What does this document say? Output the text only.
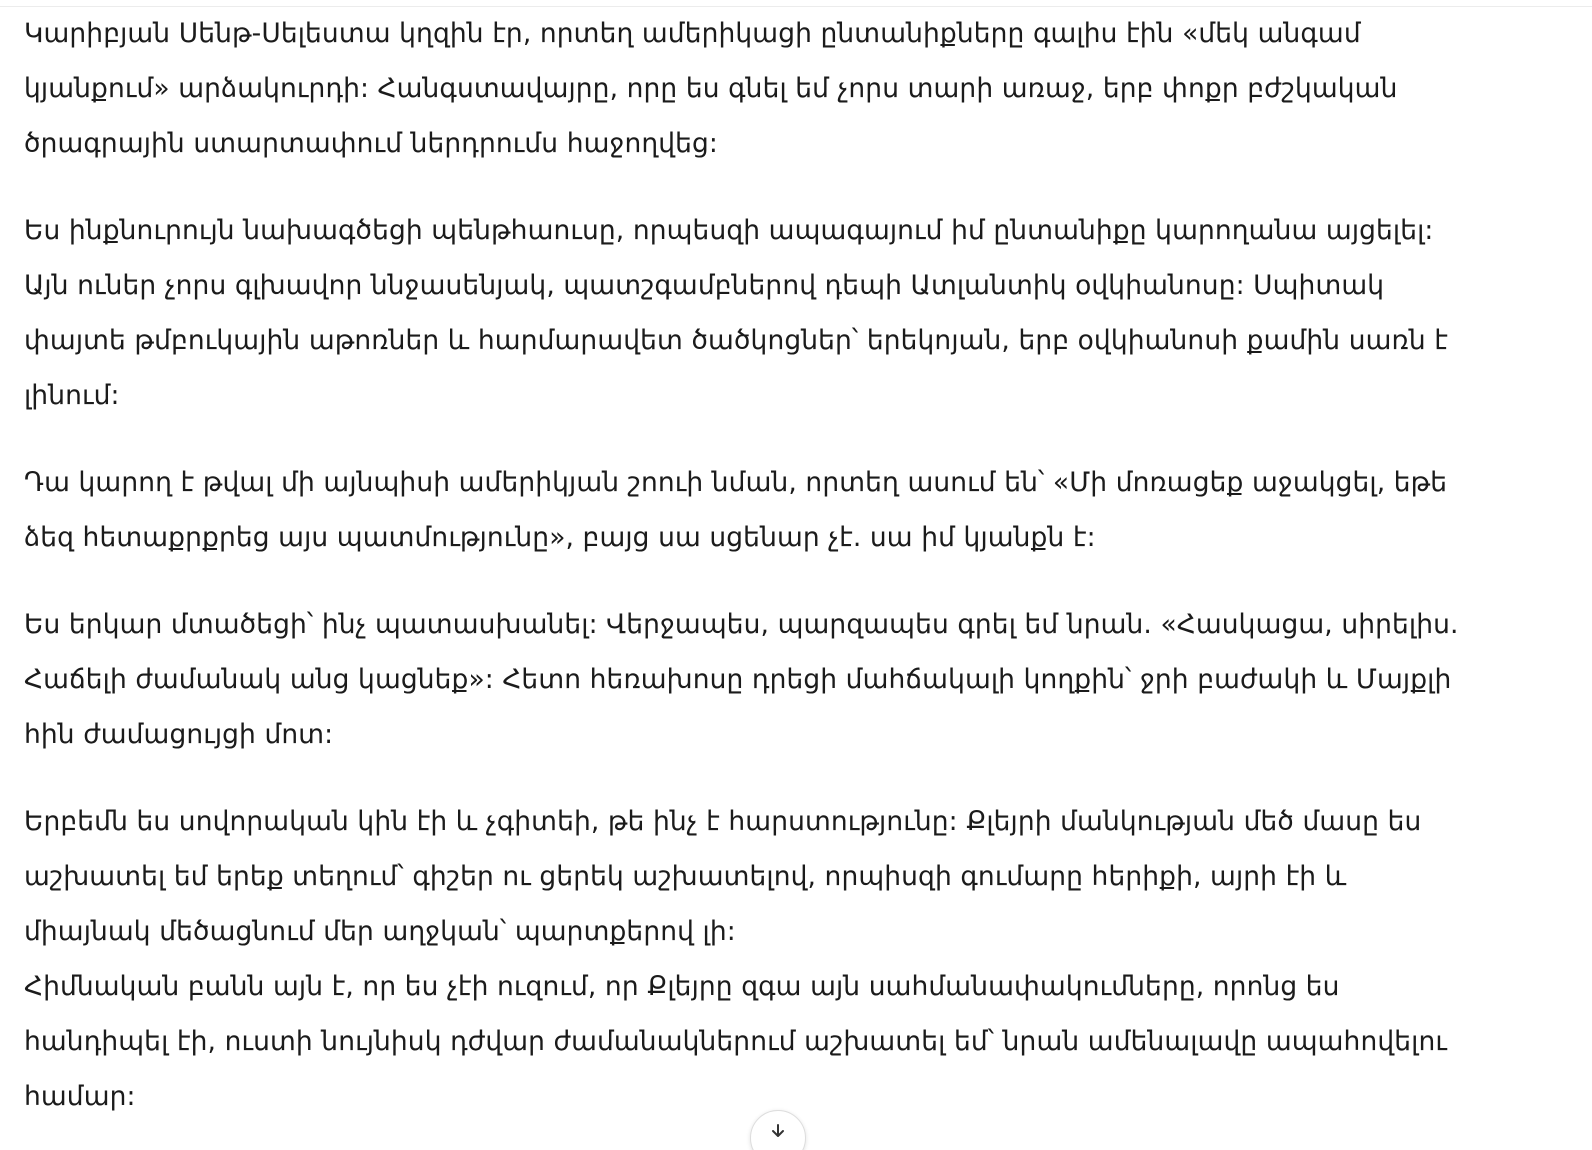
Կարիբյան Սենթ-Սելեստա կղզին էր, որտեղ ամերիկացի ընտանիքները գալիս էին «մեկ անգամ
կյանքում» արձակուրդի: Հանգստավայրը, որը ես գնել եմ չորս տարի առաջ, երբ փոքր բժշկական
ծրագրային ստարտափում ներդրումս հաջողվեց:

Ես ինքնուրույն նախագծեցի պենթհաուսը, որպեսզի ապագայում իմ ընտանիքը կարողանա այցելել:
Այն ուներ չորս գլխավոր ննջասենյակ, պատշգամբներով դեպի Ատլանտիկ օվկիանոսը: Սպիտակ
փայտե թմբուկային աթոռներ և հարմարավետ ծածկոցներ՝ երեկոյան, երբ օվկիանոսի քամին սառն է
լինում:

Դա կարող է թվալ մի այնպիսի ամերիկյան շոուի նման, որտեղ ասում են՝ «Մի մոռացեք աջակցել, եթե
ձեզ հետաքրքրեց այս պատմությունը», բայց սա սցենար չէ. սա իմ կյանքն է:

Ես երկար մտածեցի՝ ինչ պատասխանել: Վերջապես, պարզապես գրել եմ նրան. «Հասկացա, սիրելիս.
Հաճելի ժամանակ անց կացնեք»: Հետո հեռախոսը դրեցի մահճակալի կողքին՝ ջրի բաժակի և Մայքլի
հին ժամացույցի մոտ:

Երբեմն ես սովորական կին էի և չգիտեի, թե ինչ է հարստությունը: Քլեյրի մանկության մեծ մասը ես
աշխատել եմ երեք տեղում՝ գիշեր ու ցերեկ աշխատելով, որպիսզի գումարը հերիքի, այրի էի և
միայնակ մեծացնում մեր աղջկան՝ պարտքերով լի:
Հիմնական բանն այն է, որ ես չէի ուզում, որ Քլեյրը զգա այն սահմանափակումները, որոնց ես
հանդիպել էի, ուստի նույնիսկ դժվար ժամանակներում աշխատել եմ՝ նրան ամենալավը ապահովելու
համար:
